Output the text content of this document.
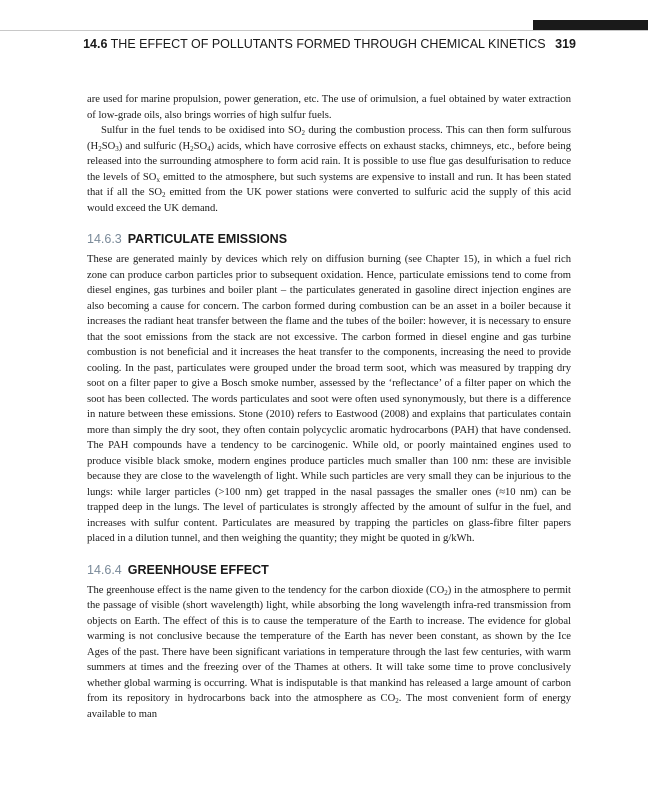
14.6 THE EFFECT OF POLLUTANTS FORMED THROUGH CHEMICAL KINETICS 319

are used for marine propulsion, power generation, etc. The use of orimulsion, a fuel obtained by water extraction of low-grade oils, also brings worries of high sulfur fuels.

Sulfur in the fuel tends to be oxidised into $SO_2$ during the combustion process. This can then form sulfurous $(H_2SO_3)$ and sulfuric $(H_2SO_4)$ acids, which have corrosive effects on exhaust stacks, chimneys, etc., before being released into the surrounding atmosphere to form acid rain. It is possible to use flue gas desulfurisation to reduce the levels of $SO_x$ emitted to the atmosphere, but such systems are expensive to install and run. It has been stated that if all the $SO_2$ emitted from the UK power stations were converted to sulfuric acid the supply of this acid would exceed the UK demand.

14.6.3 PARTICULATE EMISSIONS

These are generated mainly by devices which rely on diffusion burning (see Chapter 15), in which a fuel rich zone can produce carbon particles prior to subsequent oxidation. Hence, particulate emissions tend to come from diesel engines, gas turbines and boiler plant – the particulates generated in gasoline direct injection engines are also becoming a cause for concern. The carbon formed during combustion can be an asset in a boiler because it increases the radiant heat transfer between the flame and the tubes of the boiler: however, it is necessary to ensure that the soot emissions from the stack are not excessive. The carbon formed in diesel engine and gas turbine combustion is not beneficial and it increases the heat transfer to the components, increasing the need to provide cooling. In the past, particulates were grouped under the broad term soot, which was measured by trapping dry soot on a filter paper to give a Bosch smoke number, assessed by the ‘reflectance’ of a filter paper on which the soot has been collected. The words particulates and soot were often used synonymously, but there is a difference in nature between these emissions. Stone (2010) refers to Eastwood (2008) and explains that particulates contain more than simply the dry soot, they often contain polycyclic aromatic hydrocarbons (PAH) that have condensed. The PAH compounds have a tendency to be carcinogenic. While old, or poorly maintained engines used to produce visible black smoke, modern engines produce particles much smaller than 100 nm: these are invisible because they are close to the wavelength of light. While such particles are very small they can be injurious to the lungs: while larger particles (>100 nm) get trapped in the nasal passages the smaller ones (≈10 nm) can be trapped deep in the lungs. The level of particulates is strongly affected by the amount of sulfur in the fuel, and increases with sulfur content. Particulates are measured by trapping the particles on glass-fibre filter papers placed in a dilution tunnel, and then weighing the quantity; they might be quoted in g/kWh.

14.6.4 GREENHOUSE EFFECT

The greenhouse effect is the name given to the tendency for the carbon dioxide $(CO_2)$ in the atmosphere to permit the passage of visible (short wavelength) light, while absorbing the long wavelength infra-red transmission from objects on Earth. The effect of this is to cause the temperature of the Earth to increase. The evidence for global warming is not conclusive because the temperature of the Earth has never been constant, as shown by the Ice Ages of the past. There have been significant variations in temperature through the last few centuries, with warm summers at times and the freezing over of the Thames at others. It will take some time to prove conclusively whether global warming is occurring. What is indisputable is that mankind has released a large amount of carbon from its repository in hydrocarbons back into the atmosphere as $CO_2$. The most convenient form of energy available to man
